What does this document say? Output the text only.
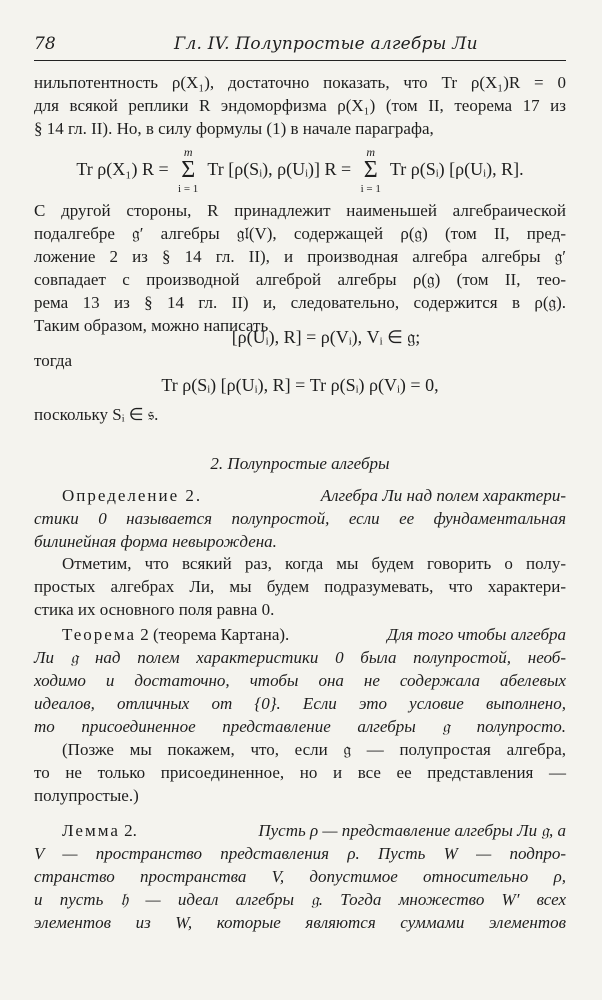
78	Гл. IV. Полупростые алгебры Ли
нильпотентность ρ(X₁), достаточно показать, что Tr ρ(X₁)R = 0
для всякой реплики R эндоморфизма ρ(X₁) (том II, теорема 17 из
§ 14 гл. II). Но, в силу формулы (1) в начале параграфа,
Tr ρ(X₁) R =
m
Σ
i = 1
Tr [ρ(Sᵢ), ρ(Uᵢ)] R =
m
Σ
i = 1
Tr ρ(Sᵢ) [ρ(Uᵢ), R].
С другой стороны, R принадлежит наименьшей алгебраической
подалгебре 𝔤′ алгебры 𝔤𝔩(V), содержащей ρ(𝔤) (том II, пред-
ложение 2 из § 14 гл. II), и производная алгебра алгебры 𝔤′
совпадает с производной алгеброй алгебры ρ(𝔤) (том II, тео-
рема 13 из § 14 гл. II) и, следовательно, содержится в ρ(𝔤).
Таким образом, можно написать
[ρ(Uᵢ), R] = ρ(Vᵢ), Vᵢ ∈ 𝔤;
тогда
Tr ρ(Sᵢ) [ρ(Uᵢ), R] = Tr ρ(Sᵢ) ρ(Vᵢ) = 0,
поскольку Sᵢ ∈ 𝔰.
2. Полупростые алгебры
Определение 2.	Алгебра Ли над полем характери-
стики 0 называется полупростой, если ее фундаментальная
билинейная форма невырождена.
Отметим, что всякий раз, когда мы будем говорить о полу-
простых алгебрах Ли, мы будем подразумевать, что характери-
стика их основного поля равна 0.
Теорема 2 (теорема Картана).	Для того чтобы алгебра
Ли 𝔤 над полем характеристики 0 была полупростой, необ-
ходимо и достаточно, чтобы она не содержала абелевых
идеалов, отличных от {0}. Если это условие выполнено,
то присоединенное представление алгебры 𝔤 полупросто.
(Позже мы покажем, что, если 𝔤 — полупростая алгебра,
то не только присоединенное, но и все ее представления —
полупростые.)
Лемма 2.	Пусть ρ — представление алгебры Ли 𝔤, а
V — пространство представления ρ. Пусть W — подпро-
странство пространства V, допустимое относительно ρ,
и пусть 𝔥 — идеал алгебры 𝔤. Тогда множество W′ всех
элементов из W, которые являются суммами элементов
